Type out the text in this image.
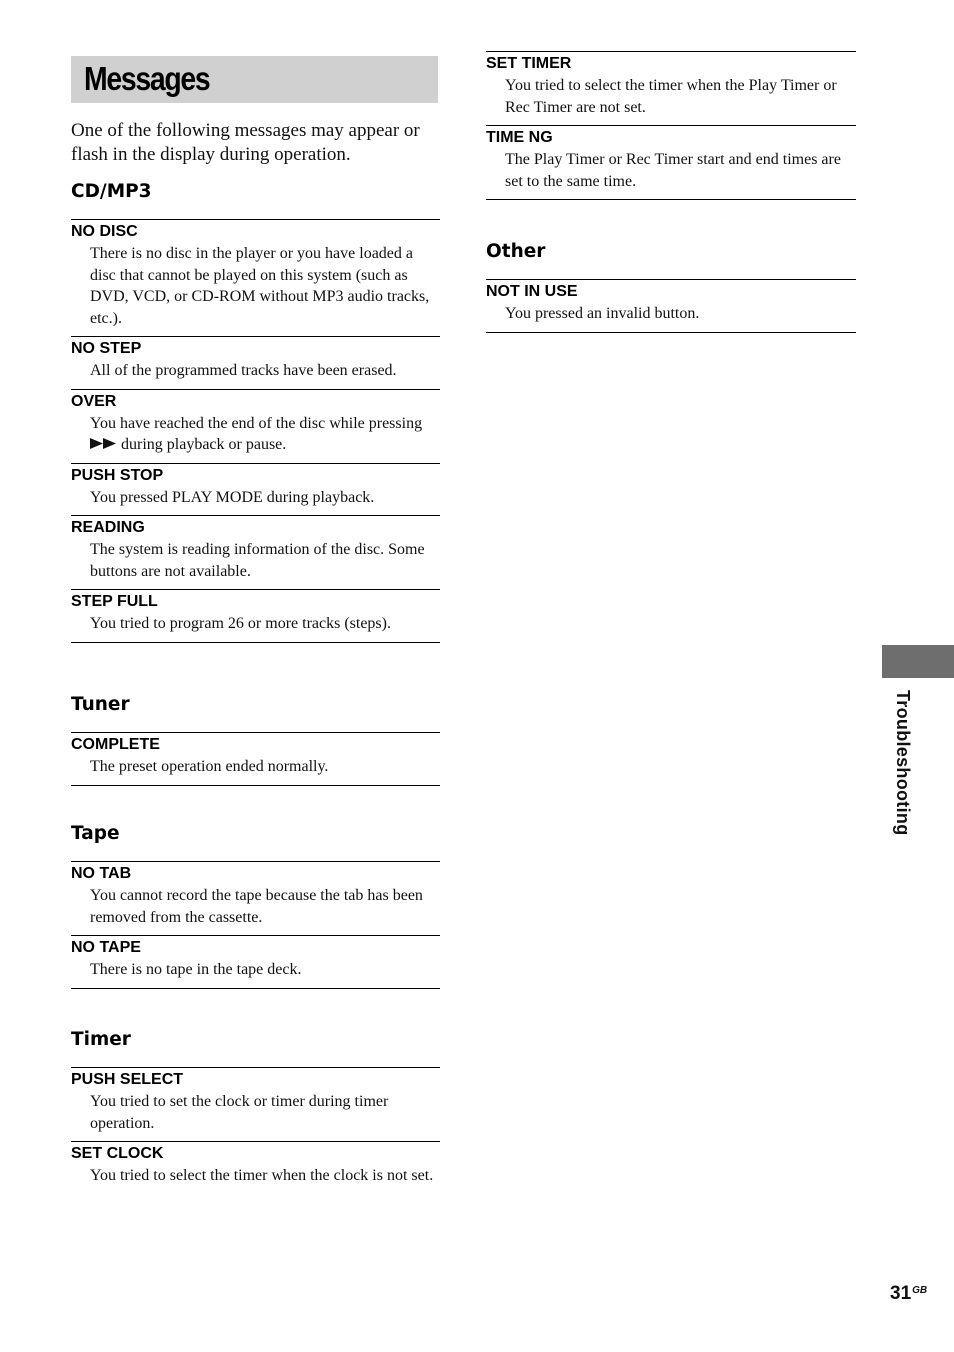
Messages

One of the following messages may appear or flash in the display during operation.

CD/MP3
NO DISC
There is no disc in the player or you have loaded a disc that cannot be played on this system (such as DVD, VCD, or CD-ROM without MP3 audio tracks, etc.).
NO STEP
All of the programmed tracks have been erased.
OVER
You have reached the end of the disc while pressing

during playback or pause.
PUSH STOP
You pressed PLAY MODE during playback.
READING
The system is reading information of the disc. Some buttons are not available.
STEP FULL
You tried to program 26 or more tracks (steps).
Tuner
COMPLETE
The preset operation ended normally.
Tape
NO TAB
You cannot record the tape because the tab has been removed from the cassette.
NO TAPE
There is no tape in the tape deck.
Timer
PUSH SELECT
You tried to set the clock or timer during timer operation.
SET CLOCK
You tried to select the timer when the clock is not set.
SET TIMER
You tried to select the timer when the Play Timer or Rec Timer are not set.
TIME NG
The Play Timer or Rec Timer start and end times are set to the same time.
Other
NOT IN USE
You pressed an invalid button.
Troubleshooting
$31^{GB}$
